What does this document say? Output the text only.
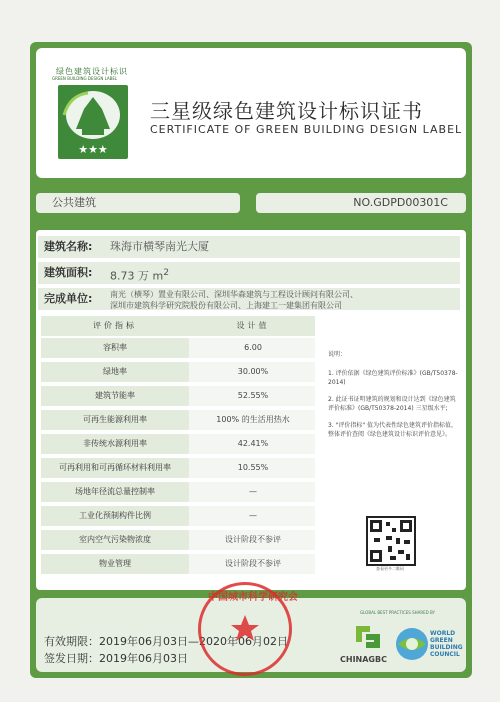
绿色建筑设计标识
GREEN BUILDING DESIGN LABEL
★★★
三星级绿色建筑设计标识证书
CERTIFICATE OF GREEN BUILDING DESIGN LABEL
公共建筑	NO.GDPD00301C
建筑名称: 珠海市横琴南光大厦
建筑面积: 8.73 万 $m^2$
完成单位: 南光（横琴）置业有限公司、深圳华森建筑与工程设计顾问有限公司、
深圳市建筑科学研究院股份有限公司、上海建工一建集团有限公司
评价指标	设计值
容积率	6.00
绿地率	30.00%
建筑节能率	52.55%
可再生能源利用率	100% 的生活用热水
非传统水源利用率	42.41%
可再利用和可再循环材料利用率	10.55%
场地年径流总量控制率	—
工业化预制构件比例	—
室内空气污染物浓度	设计阶段不参评
物业管理	设计阶段不参评
说明：
1. 评价依据《绿色建筑评价标准》(GB/T50378-2014)
2. 此证书证明建筑的规划和设计达到《绿色建筑评价标准》(GB/T50378-2014) 三星级水平;
3. "评价指标" 值为代表性绿色建筑评价指标值，整体评价查阅《绿色建筑设计标识评价意见》。
查看更多二维码
有效期限：2019年06月03日—2020年06月02日
签发日期：2019年06月03日
中国城市科学研究会
GLOBAL BEST PRACTICES SHARED BY
CHINAGBC
WORLD
GREEN
BUILDING
COUNCIL
